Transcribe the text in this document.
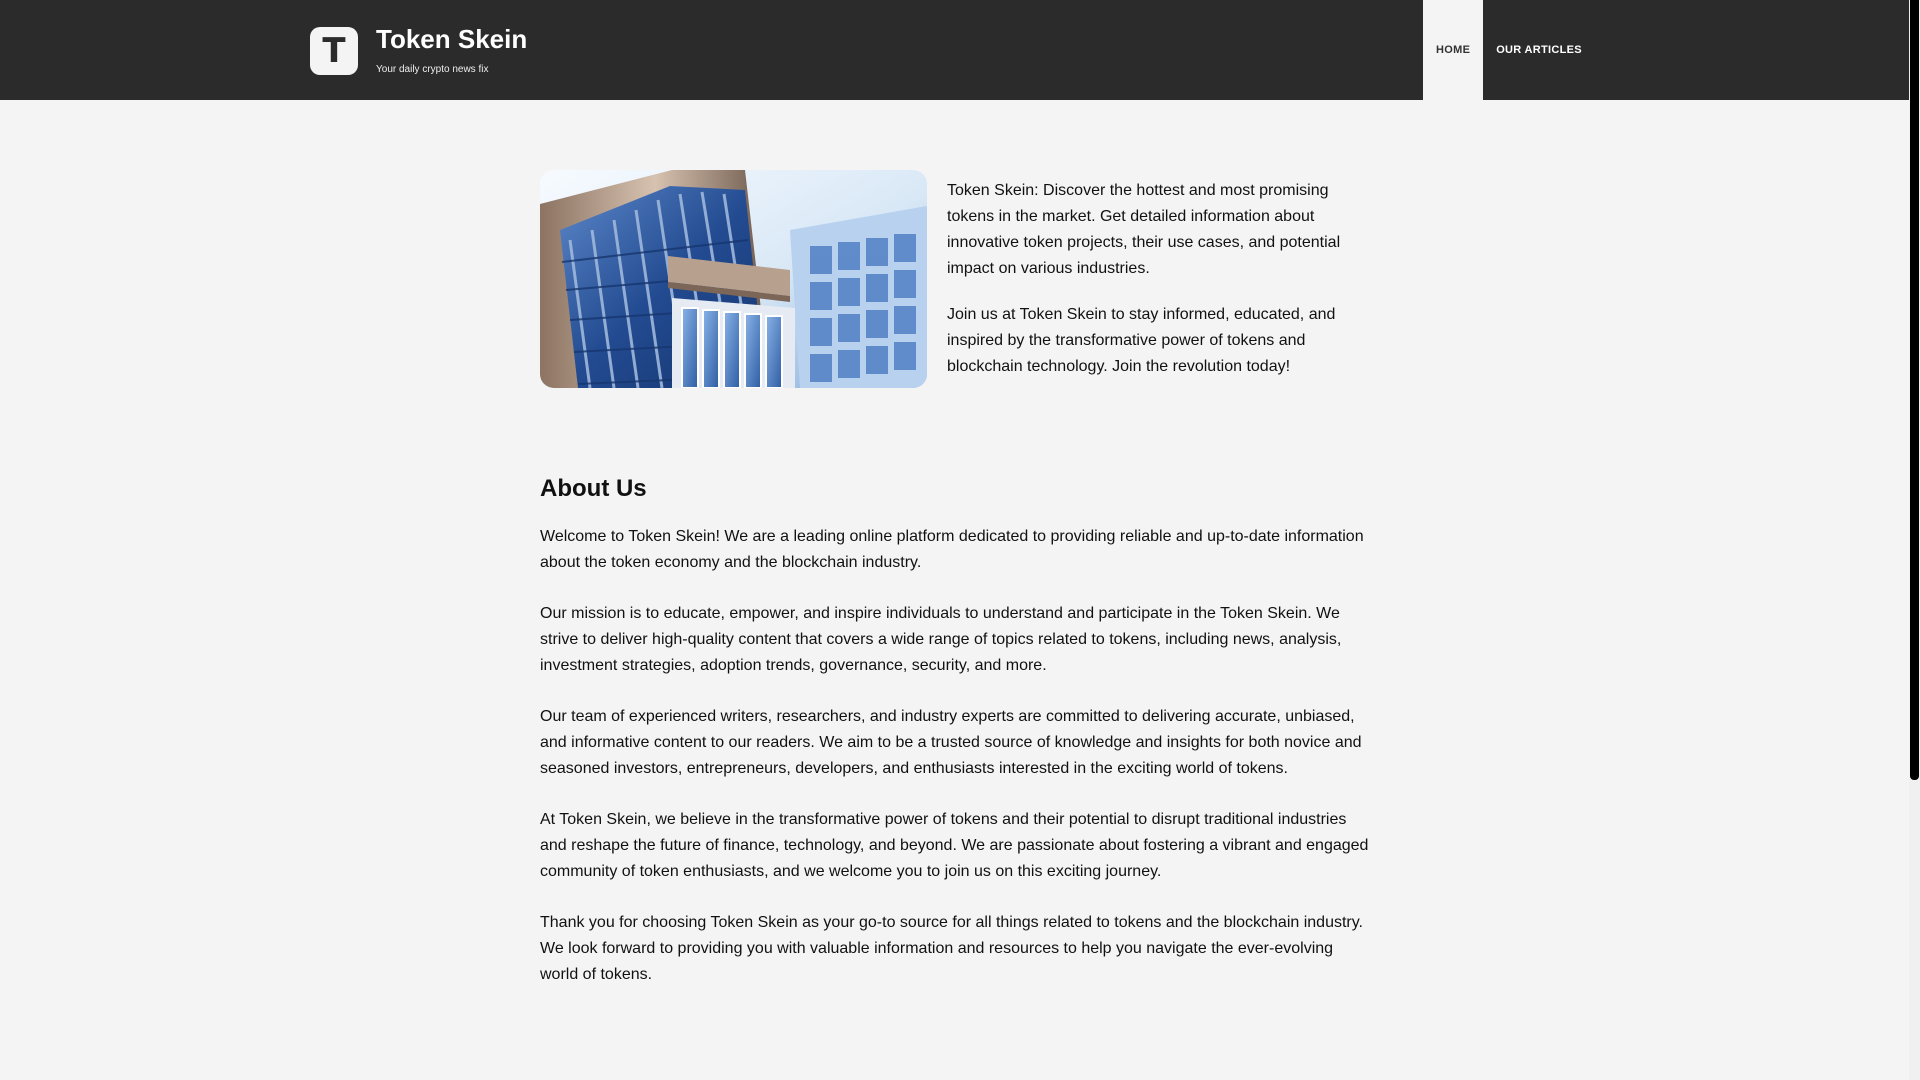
T Token Skein
Your daily crypto news fix
HOME	OUR ARTICLES

Token Skein: Discover the hottest and most promising tokens in the market. Get detailed information about innovative token projects, their use cases, and potential impact on various industries.

Join us at Token Skein to stay informed, educated, and inspired by the transformative power of tokens and blockchain technology. Join the revolution today!

About Us

Welcome to Token Skein! We are a leading online platform dedicated to providing reliable and up-to-date information about the token economy and the blockchain industry.

Our mission is to educate, empower, and inspire individuals to understand and participate in the Token Skein. We strive to deliver high-quality content that covers a wide range of topics related to tokens, including news, analysis, investment strategies, adoption trends, governance, security, and more.

Our team of experienced writers, researchers, and industry experts are committed to delivering accurate, unbiased, and informative content to our readers. We aim to be a trusted source of knowledge and insights for both novice and seasoned investors, entrepreneurs, developers, and enthusiasts interested in the exciting world of tokens.

At Token Skein, we believe in the transformative power of tokens and their potential to disrupt traditional industries and reshape the future of finance, technology, and beyond. We are passionate about fostering a vibrant and engaged community of token enthusiasts, and we welcome you to join us on this exciting journey.

Thank you for choosing Token Skein as your go-to source for all things related to tokens and the blockchain industry. We look forward to providing you with valuable information and resources to help you navigate the ever-evolving world of tokens.
